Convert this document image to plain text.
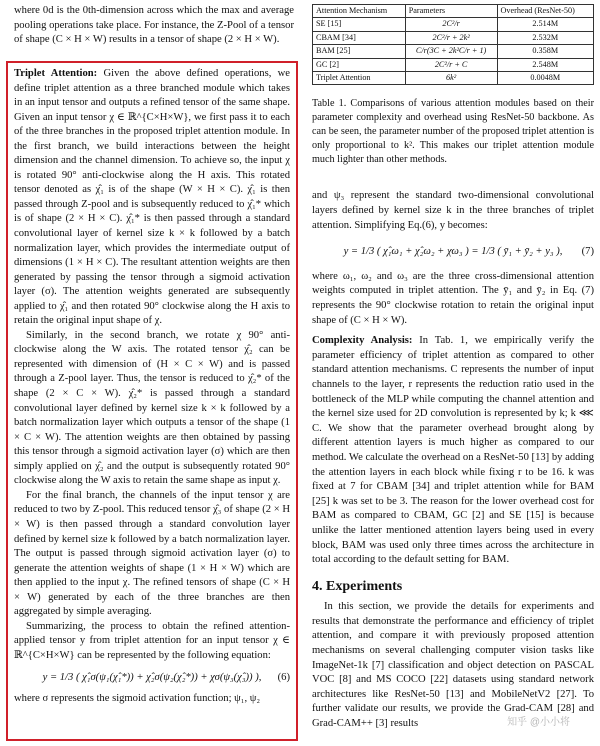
where 0d is the 0th-dimension across which the max and average pooling operations take place. For instance, the Z-Pool of a tensor of shape (C × H × W) results in a tensor of shape (2 × H × W).

Triplet Attention: Given the above defined operations, we define triplet attention as a three branched module which takes in an input tensor and outputs a refined tensor of the same shape. Given an input tensor χ ∈ ℝ^{C×H×W}, we first pass it to each of the three branches in the proposed triplet attention module. In the first branch, we build interactions between the height dimension and the channel dimension. To achieve so, the input χ is rotated 90° anti-clockwise along the H axis. This rotated tensor denoted as χ̂₁ is of the shape (W × H × C). χ̂₁ is then passed through Z-pool and is subsequently reduced to χ̂₁* which is of shape (2 × H × C). χ̂₁* is then passed through a standard convolutional layer of kernel size k × k followed by a batch normalization layer, which provides the intermediate output of dimensions (1 × H × C). The resultant attention weights are then generated by passing the tensor through a sigmoid activation layer (σ). The attention weights generated are subsequently applied to χ̂₁ and then rotated 90° clockwise along the H axis to retain the original input shape of χ.

Similarly, in the second branch, we rotate χ 90° anti-clockwise along the W axis. The rotated tensor χ̂₂ can be represented with dimension of (H × C × W) and is passed through a Z-pool layer. Thus, the tensor is reduced to χ̂₂* of the shape (2 × C × W). χ̂₂* is passed through a standard convolutional layer defined by kernel size k × k followed by a batch normalization layer which outputs a tensor of the shape (1 × C × W). The attention weights are then obtained by passing this tensor through a sigmoid activation layer (σ) which are then simply applied on χ̂₂ and the output is subsequently rotated 90° clockwise along the W axis to retain the same shape as input χ.

For the final branch, the channels of the input tensor χ are reduced to two by Z-pool. This reduced tensor χ̂₃ of shape (2 × H × W) is then passed through a standard convolution layer defined by kernel size k followed by a batch normalization layer. The output is passed through sigmoid activation layer (σ) to generate the attention weights of shape (1 × H × W) which are then applied to the input χ. The refined tensors of shape (C × H × W) generated by each of the three branches are then aggregated by simple averaging.

Summarizing, the process to obtain the refined attention-applied tensor y from triplet attention for an input tensor χ ∈ ℝ^{C×H×W} can be represented by the following equation:

y = 1/3 ( χ̂₁σ(ψ₁(χ̂₁*)) + χ̂₂σ(ψ₂(χ̂₂*)) + χσ(ψ₃(χ̂₃)) ), (6)

where σ represents the sigmoid activation function; ψ₁, ψ₂

Attention Mechanism	Parameters	Overhead (ResNet-50)
SE [15]	2C²/r	2.514M
CBAM [34]	2C²/r + 2k²	2.532M
BAM [25]	C/r(3C + 2k²C/r + 1)	0.358M
GC [2]	2C²/r + C	2.548M
Triplet Attention	6k²	0.0048M

Table 1. Comparisons of various attention modules based on their parameter complexity and overhead using ResNet-50 backbone. As can be seen, the parameter number of the proposed triplet attention is only proportional to k². This makes our triplet attention module much lighter than other methods.

and ψ₃ represent the standard two-dimensional convolutional layers defined by kernel size k in the three branches of triplet attention. Simplifying Eq.(6), y becomes:

y = 1/3 ( χ̂₁ω₁ + χ̂₂ω₂ + χω₃ ) = 1/3 ( ȳ₁ + ȳ₂ + y₃ ), (7)

where ω₁, ω₂ and ω₃ are the three cross-dimensional attention weights computed in triplet attention. The ȳ₁ and ȳ₂ in Eq. (7) represents the 90° clockwise rotation to retain the original input shape of (C × H × W).

Complexity Analysis: In Tab. 1, we empirically verify the parameter efficiency of triplet attention as compared to other standard attention mechanisms. C represents the number of input channels to the layer, r represents the reduction ratio used in the bottleneck of the MLP while computing the channel attention and the kernel size used for 2D convolution is represented by k; k ⋘ C. We show that the parameter overhead brought along by different attention layers is much higher as compared to our method. We calculate the overhead on a ResNet-50 [13] by adding the attention layers in each block while fixing r to be 16. k was fixed at 7 for CBAM [34] and triplet attention while for BAM [25] k was set to be 3. The reason for the lower overhead cost for BAM as compared to CBAM, GC [2] and SE [15] is because unlike the latter mentioned attention layers being used in every block, BAM was used only three times across the architecture in total according to the default setting for BAM.

4. Experiments

In this section, we provide the details for experiments and results that demonstrate the performance and efficiency of triplet attention, and compare it with previously proposed attention mechanisms on several challenging computer vision tasks like ImageNet-1k [7] classification and object detection on PASCAL VOC [8] and MS COCO [22] datasets using standard network architectures like ResNet-50 [13] and MobileNetV2 [27]. To further validate our results, we provide the Grad-CAM [28] and Grad-CAM++ [3] results	知乎 @小小将
